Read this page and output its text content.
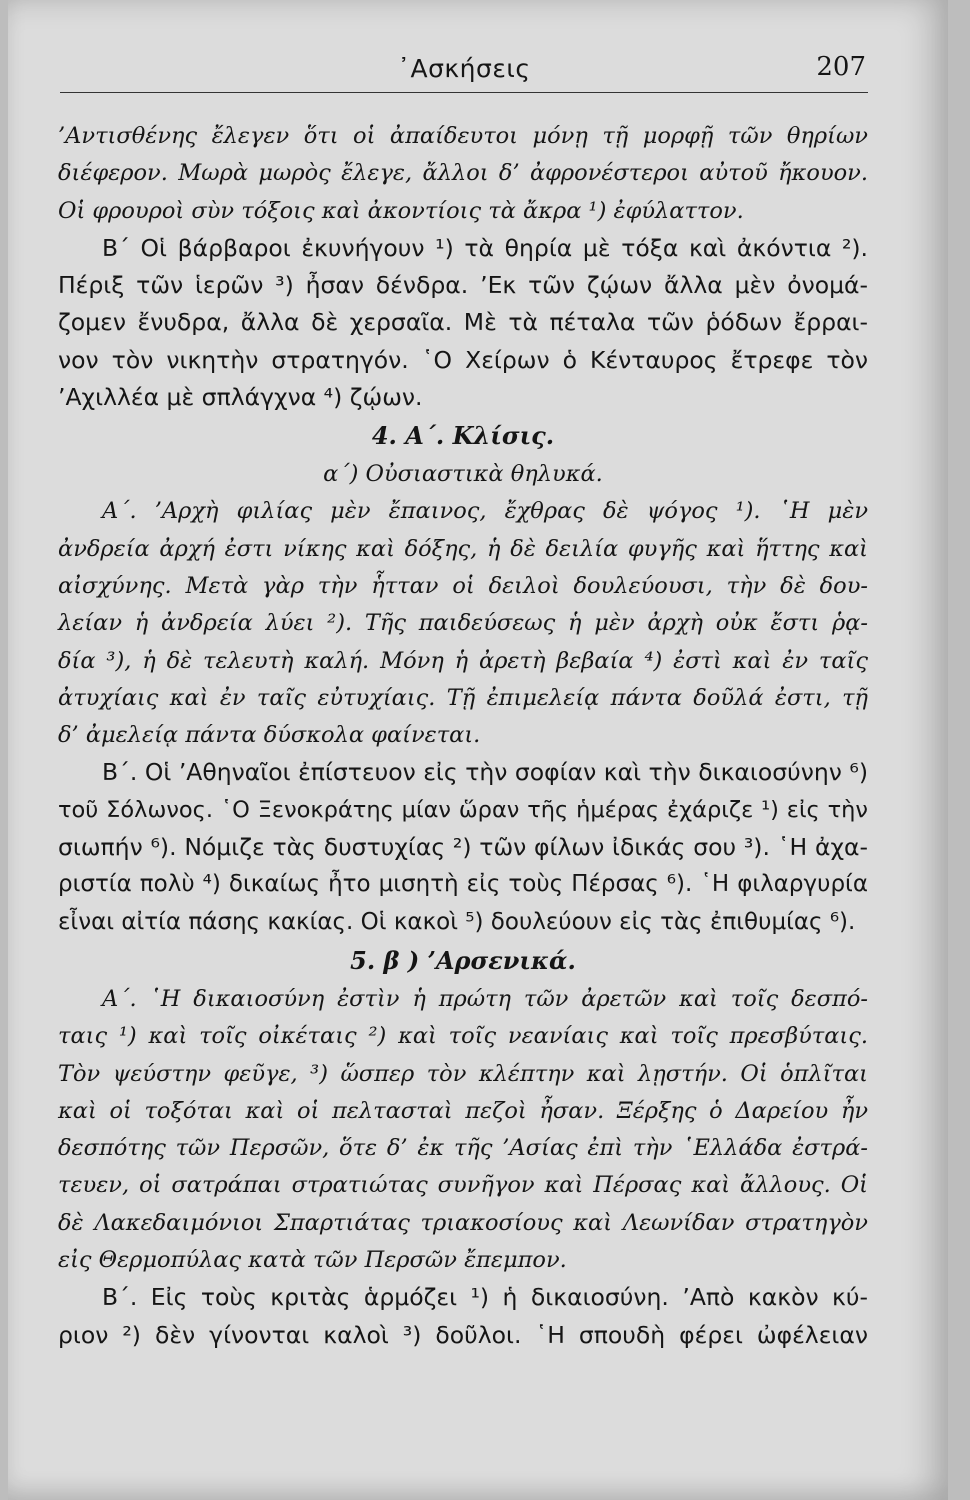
᾽Ασκήσεις	207
’Αντισθένης ἔλεγεν ὅτι οἱ ἀπαίδευτοι μόνῃ τῇ μορφῇ τῶν θηρίων
διέφερον. Μωρὰ μωρὸς ἔλεγε, ἄλλοι δ’ ἀφρονέστεροι αὐτοῦ ἤκουον.
Οἱ φρουροὶ σὺν τόξοις καὶ ἀκοντίοις τὰ ἄκρα ¹) ἐφύλαττον.
Β΄ Οἱ βάρβαροι ἐκυνήγουν ¹) τὰ θηρία μὲ τόξα καὶ ἀκόντια ²).
Πέριξ τῶν ἱερῶν ³) ἦσαν δένδρα. ’Εκ τῶν ζῴων ἄλλα μὲν ὀνομά-
ζομεν ἔνυδρα, ἄλλα δὲ χερσαῖα. Μὲ τὰ πέταλα τῶν ῥόδων ἔρραι-
νον τὸν νικητὴν στρατηγόν. ῾Ο Χείρων ὁ Κένταυρος ἔτρεφε τὸν
’Αχιλλέα μὲ σπλάγχνα ⁴) ζῴων.
4. Α΄. Κλίσις.
α΄) Οὐσιαστικὰ θηλυκά.
Α΄. ’Αρχὴ φιλίας μὲν ἔπαινος, ἔχθρας δὲ ψόγος ¹). ῾Η μὲν
ἀνδρεία ἀρχή ἐστι νίκης καὶ δόξης, ἡ δὲ δειλία φυγῆς καὶ ἥττης καὶ
αἰσχύνης. Μετὰ γὰρ τὴν ἧτταν οἱ δειλοὶ δουλεύουσι, τὴν δὲ δου-
λείαν ἡ ἀνδρεία λύει ²). Τῆς παιδεύσεως ἡ μὲν ἀρχὴ οὐκ ἔστι ῥᾳ-
δία ³), ἡ δὲ τελευτὴ καλή. Μόνη ἡ ἀρετὴ βεβαία ⁴) ἐστὶ καὶ ἐν ταῖς
ἀτυχίαις καὶ ἐν ταῖς εὐτυχίαις. Τῇ ἐπιμελείᾳ πάντα δοῦλά ἐστι, τῇ
δ’ ἀμελείᾳ πάντα δύσκολα φαίνεται.
Β΄. Οἱ ’Αθηναῖοι ἐπίστευον εἰς τὴν σοφίαν καὶ τὴν δικαιοσύνην ⁶)
τοῦ Σόλωνος. ῾Ο Ξενοκράτης μίαν ὥραν τῆς ἡμέρας ἐχάριζε ¹) εἰς τὴν
σιωπήν ⁶). Νόμιζε τὰς δυστυχίας ²) τῶν φίλων ἰδικάς σου ³). ῾Η ἀχα-
ριστία πολὺ ⁴) δικαίως ἦτο μισητὴ εἰς τοὺς Πέρσας ⁶). ῾Η φιλαργυρία
εἶναι αἰτία πάσης κακίας. Οἱ κακοὶ ⁵) δουλεύουν εἰς τὰς ἐπιθυμίας ⁶).
5. β ) ’Αρσενικά.
Α΄. ῾Η δικαιοσύνη ἐστὶν ἡ πρώτη τῶν ἀρετῶν καὶ τοῖς δεσπό-
ταις ¹) καὶ τοῖς οἰκέταις ²) καὶ τοῖς νεανίαις καὶ τοῖς πρεσβύταις.
Τὸν ψεύστην φεῦγε, ³) ὥσπερ τὸν κλέπτην καὶ λῃστήν. Οἱ ὁπλῖται
καὶ οἱ τοξόται καὶ οἱ πελτασταὶ πεζοὶ ἦσαν. Ξέρξης ὁ Δαρείου ἦν
δεσπότης τῶν Περσῶν, ὅτε δ’ ἐκ τῆς ’Ασίας ἐπὶ τὴν ῾Ελλάδα ἐστρά-
τευεν, οἱ σατράπαι στρατιώτας συνῆγον καὶ Πέρσας καὶ ἄλλους. Οἱ
δὲ Λακεδαιμόνιοι Σπαρτιάτας τριακοσίους καὶ Λεωνίδαν στρατηγὸν
εἰς Θερμοπύλας κατὰ τῶν Περσῶν ἔπεμπον.
Β΄. Εἰς τοὺς κριτὰς ἁρμόζει ¹) ἡ δικαιοσύνη. ’Απὸ κακὸν κύ-
ριον ²) δὲν γίνονται καλοὶ ³) δοῦλοι. ῾Η σπουδὴ φέρει ὠφέλειαν
